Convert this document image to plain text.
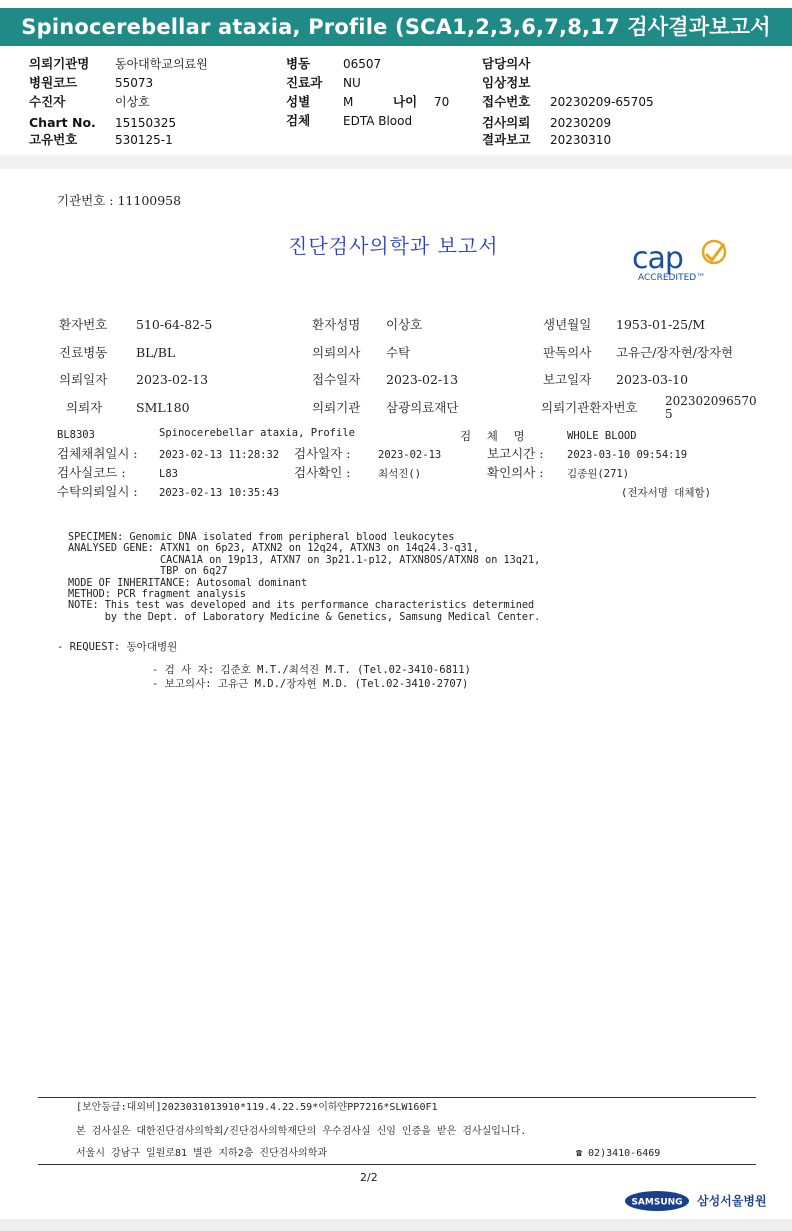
Spinocerebellar ataxia, Profile (SCA1,2,3,6,7,8,17 검사결과보고서
의뢰기관명 동아대학교의료원
병원코드	55073
수진자	이상호
Chart No. 15150325
고유번호	530125-1
병동	06507
진료과 NU
성별	M	나이 70
검체	EDTA Blood
담당의사
임상정보
접수번호 20230209-65705
검사의뢰 20230209
결과보고 20230310
기관번호 : 11100958
진단검사의학과 보고서	cap
ACCREDITED™
환자번호 510-64-82-5	환자성명 이상호	생년월일 1953-01-25/M
진료병동 BL/BL	의뢰의사 수탁	판독의사 고유근/장자현/장자현
의뢰일자 2023-02-13	접수일자 2023-02-13	보고일자 2023-03-10
의뢰자	SML180	의뢰기관 삼광의료재단	의뢰기관환자번호 202302096570
5
BL8303	Spinocerebellar ataxia, Profile	검 체 명	WHOLE BLOOD
검체채취일시 : 2023-02-13 11:28:32 검사일자 :	2023-02-13	보고시간 : 2023-03-10 09:54:19
검사실코드 :	L83	검사확인 :	최석진()	확인의사 : 김종원(271)
수탁의뢰일시 : 2023-02-13 10:35:43	(전자서명 대체함)
SPECIMEN: Genomic DNA isolated from peripheral blood leukocytes
ANALYSED GENE: ATXN1 on 6p23, ATXN2 on 12q24, ATXN3 on 14q24.3-q31,
CACNA1A on 19p13, ATXN7 on 3p21.1-p12, ATXN8OS/ATXN8 on 13q21,
TBP on 6q27
MODE OF INHERITANCE: Autosomal dominant
METHOD: PCR fragment analysis
NOTE: This test was developed and its performance characteristics determined
by the Dept. of Laboratory Medicine & Genetics, Samsung Medical Center.
- REQUEST: 동아대병원
- 검 사 자: 김준호 M.T./최석진 M.T. (Tel.02-3410-6811)
- 보고의사: 고유근 M.D./장자현 M.D. (Tel.02-3410-2707)
[보안등급:대외비]2023031013910*119.4.22.59*이하얀PP7216*SLW160F1
본 검사실은 대한진단검사의학회/진단검사의학재단의 우수검사실 신임 인증을 받은 검사실입니다.
서울시 강남구 일원로81 별관 지하2층 진단검사의학과	☎ 02)3410-6469
2/2
SAMSUNG 삼성서울병원
